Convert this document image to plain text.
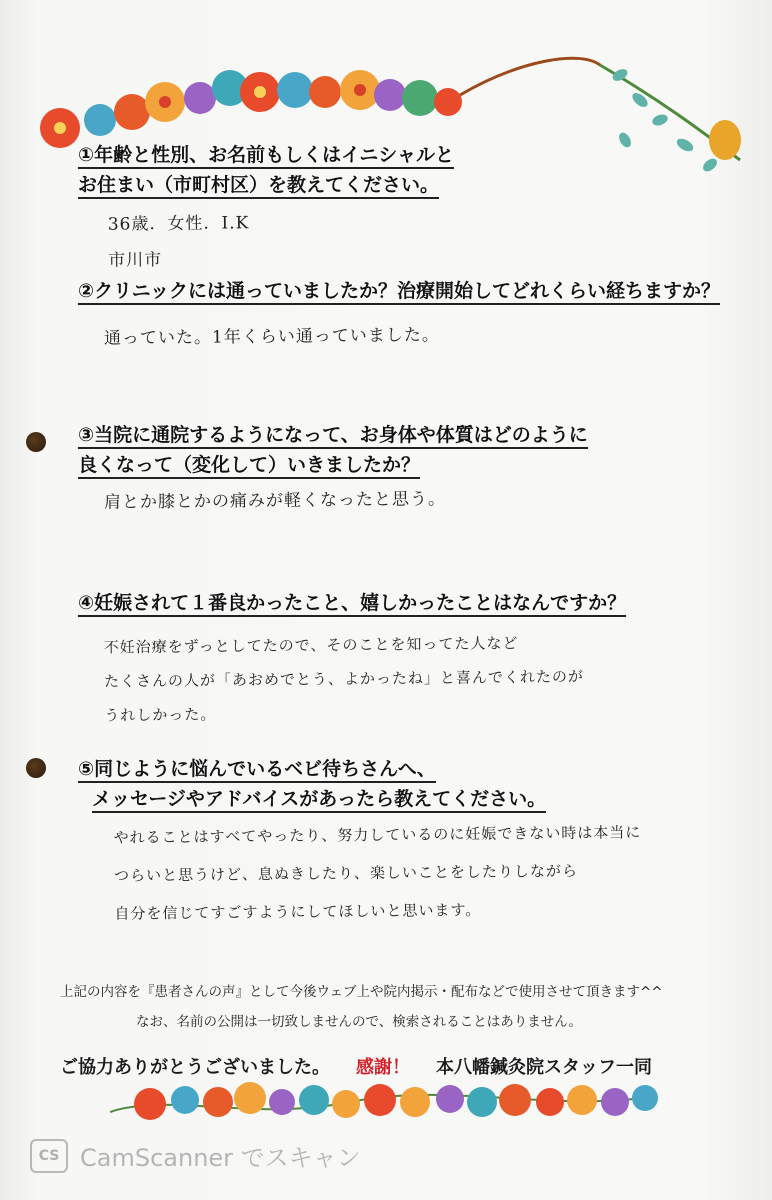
①年齢と性別、お名前もしくはイニシャルと
お住まい（市町村区）を教えてください。
36歳．女性．I.K
市川市
②クリニックには通っていましたか？治療開始してどれくらい経ちますか？
通っていた。1年くらい通っていました。
③当院に通院するようになって、お身体や体質はどのように
良くなって（変化して）いきましたか？
肩とか膝とかの痛みが軽くなったと思う。
④妊娠されて１番良かったこと、嬉しかったことはなんですか？
不妊治療をずっとしてたので、そのことを知ってた人など
たくさんの人が「あおめでとう、よかったね」と喜んでくれたのが
うれしかった。
⑤同じように悩んでいるベビ待ちさんへ、
メッセージやアドバイスがあったら教えてください。
やれることはすべてやったり、努力しているのに妊娠できない時は本当に
つらいと思うけど、息ぬきしたり、楽しいことをしたりしながら
自分を信じてすごすようにしてほしいと思います。
上記の内容を『患者さんの声』として今後ウェブ上や院内掲示・配布などで使用させて頂きます^^
なお、名前の公開は一切致しませんので、検索されることはありません。
ご協力ありがとうございました。 感謝！ 本八幡鍼灸院スタッフ一同
CS CamScanner でスキャン
